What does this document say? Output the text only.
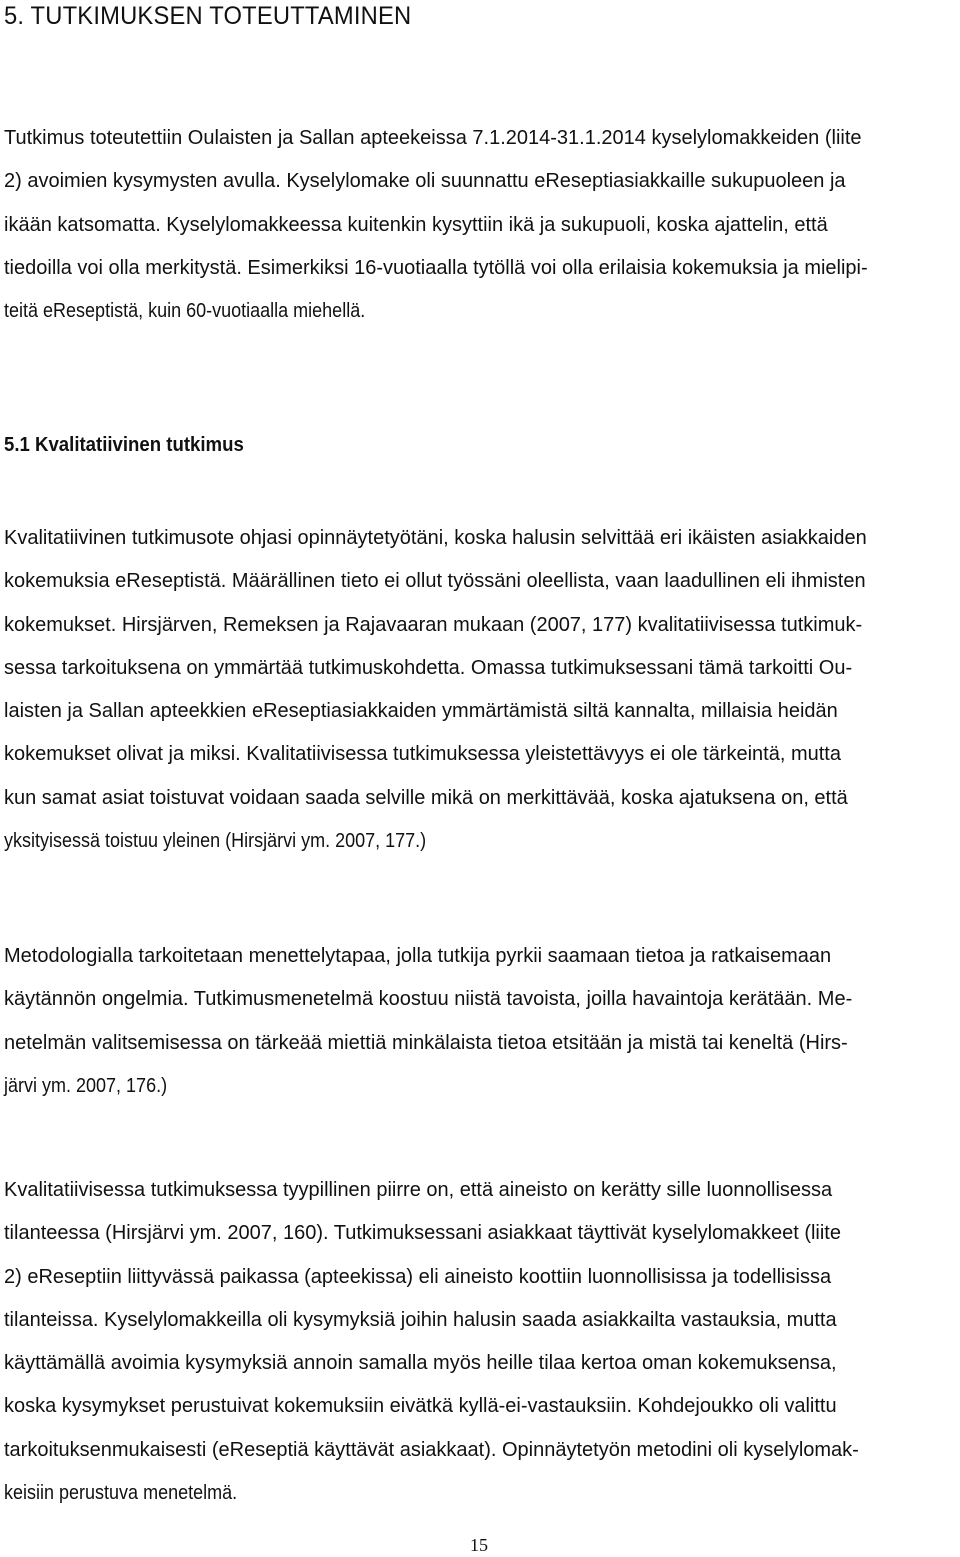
5. TUTKIMUKSEN TOTEUTTAMINEN
Tutkimus toteutettiin Oulaisten ja Sallan apteekeissa 7.1.2014-31.1.2014 kyselylomakkeiden (liite
2) avoimien kysymysten avulla. Kyselylomake oli suunnattu eReseptiasiakkaille sukupuoleen ja
ikään katsomatta. Kyselylomakkeessa kuitenkin kysyttiin ikä ja sukupuoli, koska ajattelin, että
tiedoilla voi olla merkitystä. Esimerkiksi 16-vuotiaalla tytöllä voi olla erilaisia kokemuksia ja mielipi-
teitä eReseptistä, kuin 60-vuotiaalla miehellä.
5.1 Kvalitatiivinen tutkimus
Kvalitatiivinen tutkimusote ohjasi opinnäytetyötäni, koska halusin selvittää eri ikäisten asiakkaiden
kokemuksia eReseptistä. Määrällinen tieto ei ollut työssäni oleellista, vaan laadullinen eli ihmisten
kokemukset. Hirsjärven, Remeksen ja Rajavaaran mukaan (2007, 177) kvalitatiivisessa tutkimuk-
sessa tarkoituksena on ymmärtää tutkimuskohdetta. Omassa tutkimuksessani tämä tarkoitti Ou-
laisten ja Sallan apteekkien eReseptiasiakkaiden ymmärtämistä siltä kannalta, millaisia heidän
kokemukset olivat ja miksi. Kvalitatiivisessa tutkimuksessa yleistettävyys ei ole tärkeintä, mutta
kun samat asiat toistuvat voidaan saada selville mikä on merkittävää, koska ajatuksena on, että
yksityisessä toistuu yleinen (Hirsjärvi ym. 2007, 177.)
Metodologialla tarkoitetaan menettelytapaa, jolla tutkija pyrkii saamaan tietoa ja ratkaisemaan
käytännön ongelmia. Tutkimusmenetelmä koostuu niistä tavoista, joilla havaintoja kerätään. Me-
netelmän valitsemisessa on tärkeää miettiä minkälaista tietoa etsitään ja mistä tai keneltä (Hirs-
järvi ym. 2007, 176.)
Kvalitatiivisessa tutkimuksessa tyypillinen piirre on, että aineisto on kerätty sille luonnollisessa
tilanteessa (Hirsjärvi ym. 2007, 160). Tutkimuksessani asiakkaat täyttivät kyselylomakkeet (liite
2) eReseptiin liittyvässä paikassa (apteekissa) eli aineisto koottiin luonnollisissa ja todellisissa
tilanteissa. Kyselylomakkeilla oli kysymyksiä joihin halusin saada asiakkailta vastauksia, mutta
käyttämällä avoimia kysymyksiä annoin samalla myös heille tilaa kertoa oman kokemuksensa,
koska kysymykset perustuivat kokemuksiin eivätkä kyllä-ei-vastauksiin. Kohdejoukko oli valittu
tarkoituksenmukaisesti (eReseptiä käyttävät asiakkaat). Opinnäytetyön metodini oli kyselylomak-
keisiin perustuva menetelmä.
15
